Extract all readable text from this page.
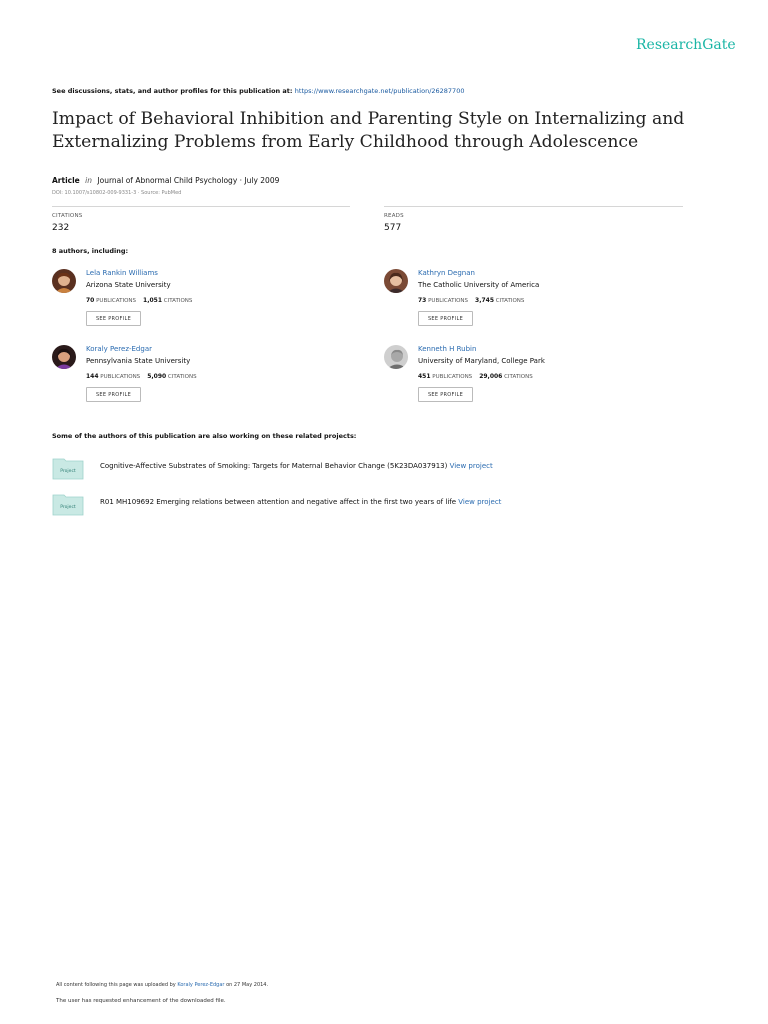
ResearchGate
See discussions, stats, and author profiles for this publication at: https://www.researchgate.net/publication/26287700
Impact of Behavioral Inhibition and Parenting Style on Internalizing and Externalizing Problems from Early Childhood through Adolescence
Article in Journal of Abnormal Child Psychology · July 2009
DOI: 10.1007/s10802-009-9331-3 · Source: PubMed
CITATIONS
232
READS
577
8 authors, including:
Lela Rankin Williams
Arizona State University
70 PUBLICATIONS 1,051 CITATIONS
SEE PROFILE
Kathryn Degnan
The Catholic University of America
73 PUBLICATIONS 3,745 CITATIONS
SEE PROFILE
Koraly Perez-Edgar
Pennsylvania State University
144 PUBLICATIONS 5,090 CITATIONS
SEE PROFILE
Kenneth H Rubin
University of Maryland, College Park
451 PUBLICATIONS 29,006 CITATIONS
SEE PROFILE
Some of the authors of this publication are also working on these related projects:
Project
Cognitive-Affective Substrates of Smoking: Targets for Maternal Behavior Change (5K23DA037913) View project
Project
R01 MH109692 Emerging relations between attention and negative affect in the first two years of life View project
All content following this page was uploaded by Koraly Perez-Edgar on 27 May 2014.
The user has requested enhancement of the downloaded file.
